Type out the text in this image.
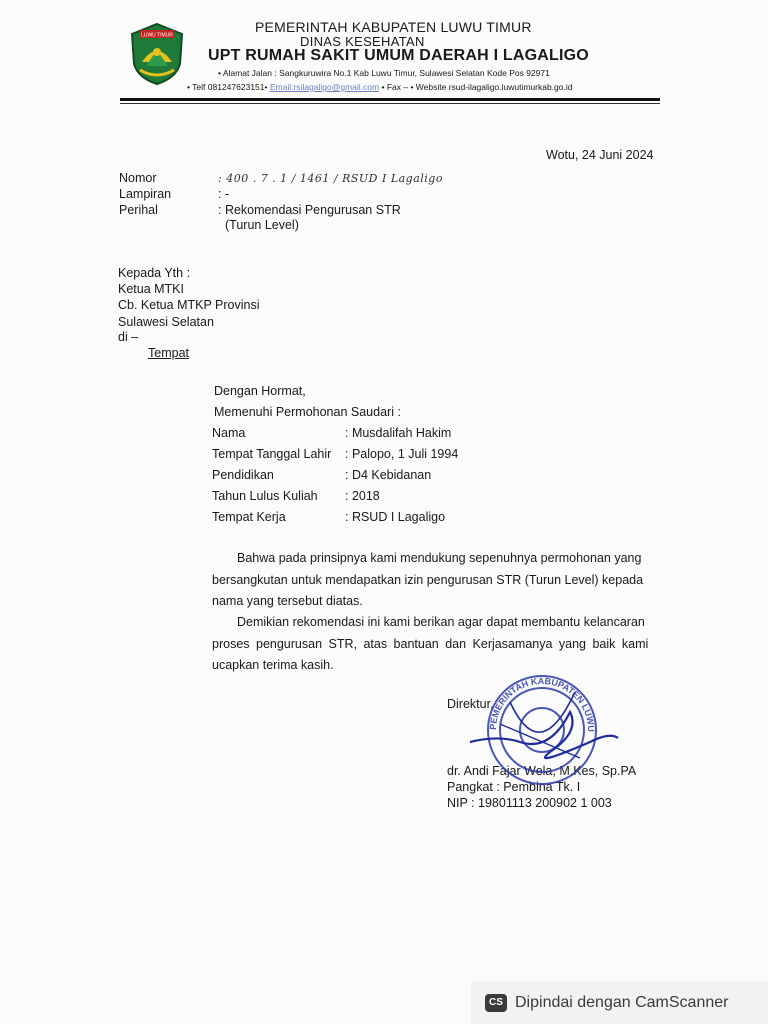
LUWU TIMUR
PEMERINTAH KABUPATEN LUWU TIMUR
DINAS KESEHATAN
UPT RUMAH SAKIT UMUM DAERAH I LAGALIGO
• Alamat Jalan : Sangkuruwira No.1 Kab Luwu Timur, Sulawesi Selatan Kode Pos 92971
• Telf 081247623151• Email:rsilagaligo@gmail.com • Fax – • Website rsud-ilagaligo.luwutimurkab.go.id
Wotu, 24 Juni 2024
Nomor	: 400 . 7 . 1 / 1461 / RSUD I Lagaligo
Lampiran	: -
Perihal	: Rekomendasi Pengurusan STR
(Turun Level)
Kepada Yth :
Ketua MTKI
Cb. Ketua MTKP Provinsi
Sulawesi Selatan
di –
Tempat
Dengan Hormat,
Memenuhi Permohonan Saudari :
Nama	: Musdalifah Hakim
Tempat Tanggal Lahir : Palopo, 1 Juli 1994
Pendidikan	: D4 Kebidanan
Tahun Lulus Kuliah : 2018
Tempat Kerja	: RSUD I Lagaligo
Bahwa pada prinsipnya kami mendukung sepenuhnya permohonan yang
bersangkutan untuk mendapatkan izin pengurusan STR (Turun Level) kepada
nama yang tersebut diatas.
Demikian rekomendasi ini kami berikan agar dapat membantu kelancaran
proses pengurusan STR, atas bantuan dan Kerjasamanya yang baik kami
ucapkan terima kasih.
Direktur,
dr. Andi Fajar Wela, M.Kes, Sp.PA
Pangkat : Pembina Tk. I
NIP : 19801113 200902 1 003
PEMERINTAH KABUPATEN LUWU
CS Dipindai dengan CamScanner
